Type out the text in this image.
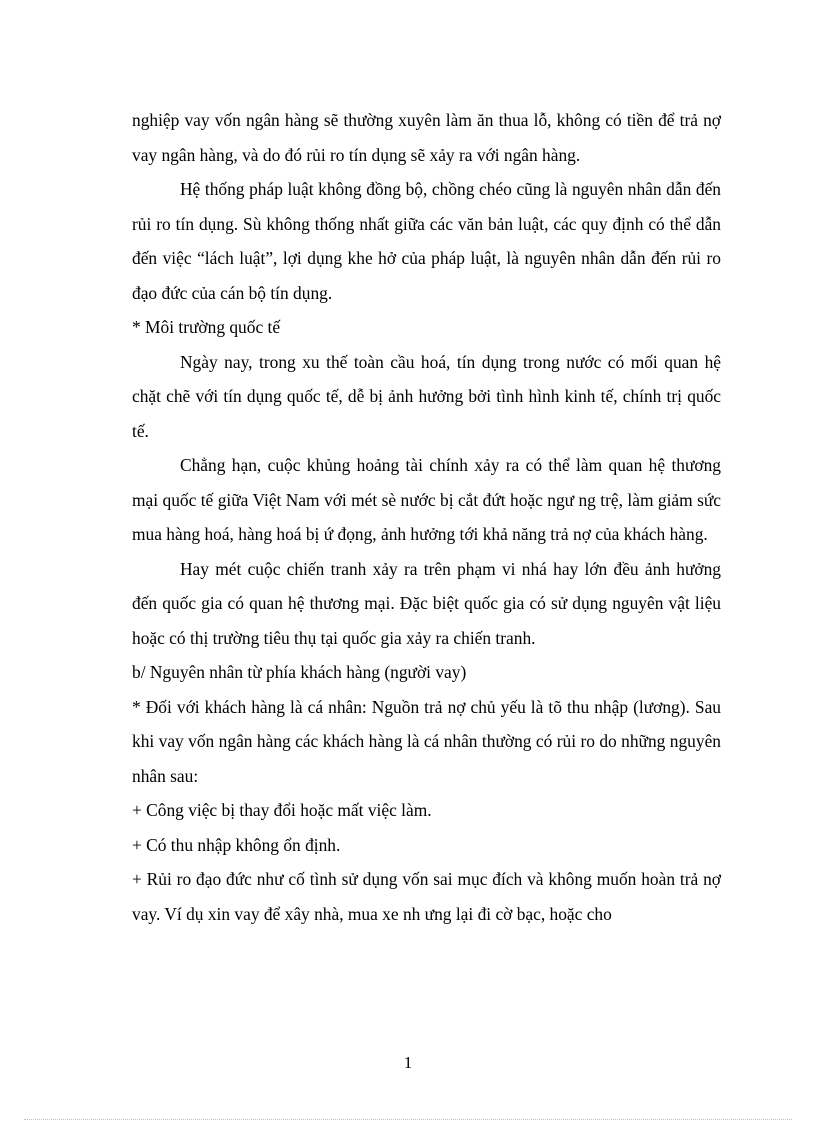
nghiệp vay vốn ngân hàng sẽ thường xuyên làm ăn thua lỗ, không có tiền để trả nợ vay ngân hàng, và do đó rủi ro tín dụng sẽ xảy ra với ngân hàng.

Hệ thống pháp luật không đồng bộ, chồng chéo cũng là nguyên nhân dẫn đến rủi ro tín dụng. Sù không thống nhất giữa các văn bản luật, các quy định có thể dẫn đến việc “lách luật”, lợi dụng khe hở của pháp luật, là nguyên nhân dẫn đến rủi ro đạo đức của cán bộ tín dụng.

* Môi trường quốc tế

Ngày nay, trong xu thế toàn cầu hoá, tín dụng trong nước có mối quan hệ chặt chẽ với tín dụng quốc tế, dễ bị ảnh hưởng bởi tình hình kinh tế, chính trị quốc tế.

Chẳng hạn, cuộc khủng hoảng tài chính xảy ra có thể làm quan hệ thương mại quốc tế giữa Việt Nam với mét sè nước bị cắt đứt hoặc ngư ng trệ, làm giảm sức mua hàng hoá, hàng hoá bị ứ đọng, ảnh hưởng tới khả năng trả nợ của khách hàng.

Hay mét cuộc chiến tranh xảy ra trên phạm vi nhá hay lớn đều ảnh hưởng đến quốc gia có quan hệ thương mại. Đặc biệt quốc gia có sử dụng nguyên vật liệu hoặc có thị trường tiêu thụ tại quốc gia xảy ra chiến tranh.

b/ Nguyên nhân từ phía khách hàng (người vay)

* Đối với khách hàng là cá nhân: Nguồn trả nợ chủ yếu là tõ thu nhập (lương). Sau khi vay vốn ngân hàng các khách hàng là cá nhân thường có rủi ro do những nguyên nhân sau:

+ Công việc bị thay đổi hoặc mất việc làm.

+ Có thu nhập không ổn định.

+ Rủi ro đạo đức như cố tình sử dụng vốn sai mục đích và không muốn hoàn trả nợ vay. Ví dụ xin vay để xây nhà, mua xe nh ưng lại đi cờ bạc, hoặc cho

1
